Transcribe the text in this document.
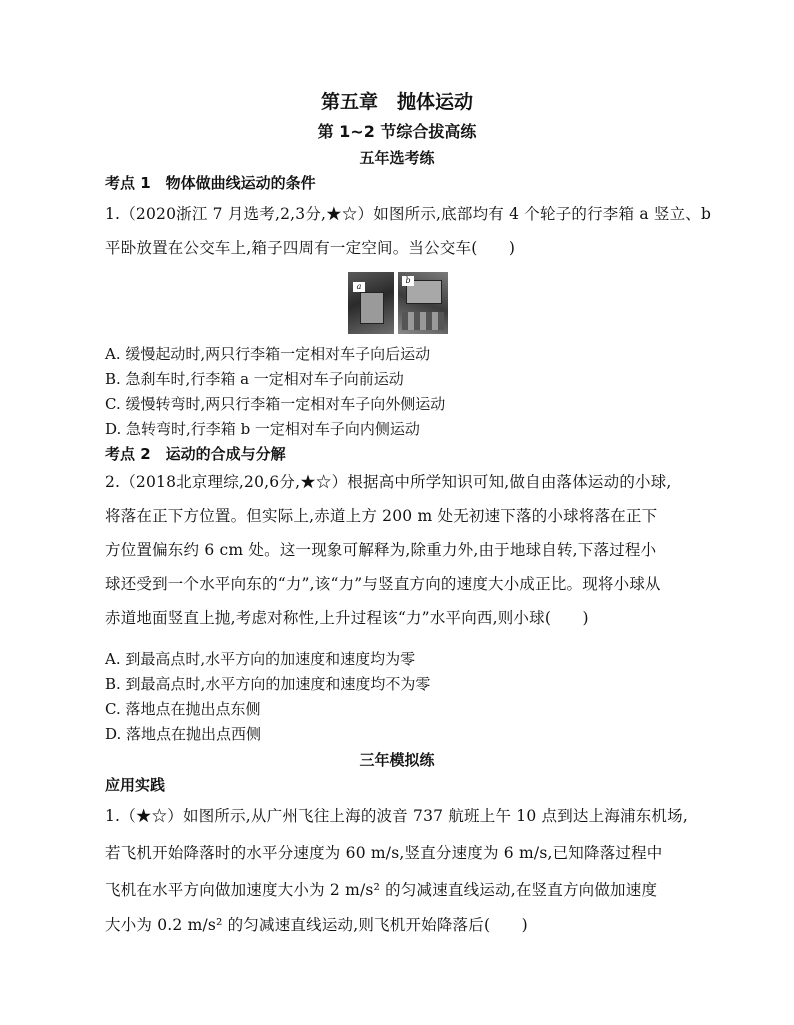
第五章　抛体运动
第 1~2 节综合拔高练
五年选考练
考点 1　物体做曲线运动的条件
1.（2020浙江 7 月选考,2,3分,★☆）如图所示,底部均有 4 个轮子的行李箱 a 竖立、b
平卧放置在公交车上,箱子四周有一定空间。当公交车(　　)
a
b
A. 缓慢起动时,两只行李箱一定相对车子向后运动
B. 急刹车时,行李箱 a 一定相对车子向前运动
C. 缓慢转弯时,两只行李箱一定相对车子向外侧运动
D. 急转弯时,行李箱 b 一定相对车子向内侧运动
考点 2　运动的合成与分解
2.（2018北京理综,20,6分,★☆）根据高中所学知识可知,做自由落体运动的小球,
将落在正下方位置。但实际上,赤道上方 200 m 处无初速下落的小球将落在正下
方位置偏东约 6 cm 处。这一现象可解释为,除重力外,由于地球自转,下落过程小
球还受到一个水平向东的“力”,该“力”与竖直方向的速度大小成正比。现将小球从
赤道地面竖直上抛,考虑对称性,上升过程该“力”水平向西,则小球(　　)
A. 到最高点时,水平方向的加速度和速度均为零
B. 到最高点时,水平方向的加速度和速度均不为零
C. 落地点在抛出点东侧
D. 落地点在抛出点西侧
三年模拟练
应用实践
1.（★☆）如图所示,从广州飞往上海的波音 737 航班上午 10 点到达上海浦东机场,
若飞机开始降落时的水平分速度为 60 m/s,竖直分速度为 6 m/s,已知降落过程中
飞机在水平方向做加速度大小为 2 m/s² 的匀减速直线运动,在竖直方向做加速度
大小为 0.2 m/s² 的匀减速直线运动,则飞机开始降落后(　　)
